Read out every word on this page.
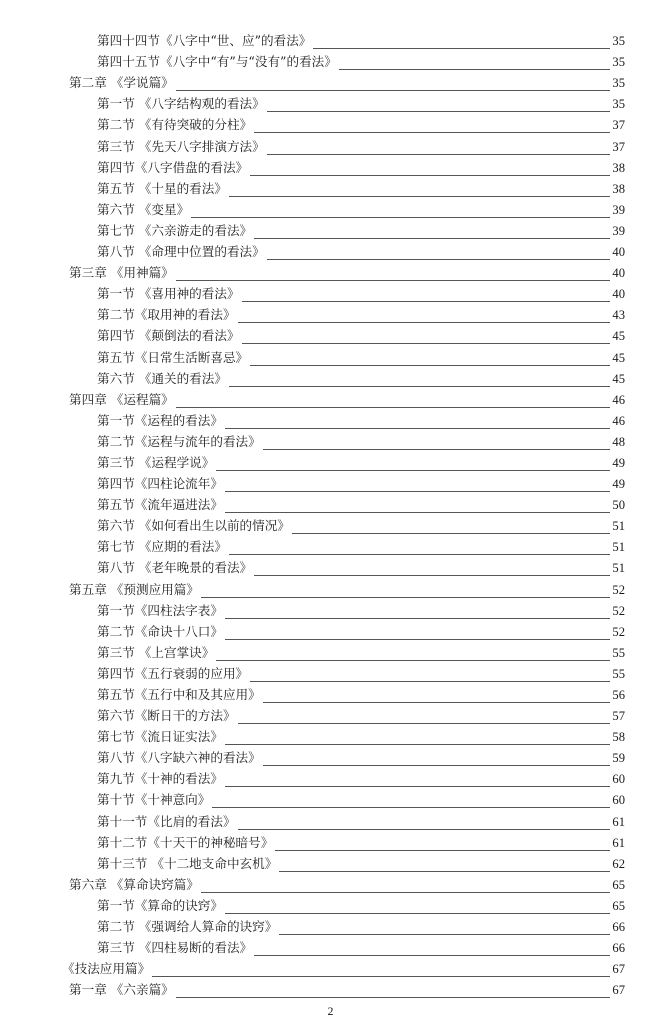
第四十四节《八字中“世、应”的看法》	35
第四十五节《八字中“有”与“没有”的看法》	35
第二章 《学说篇》	35
第一节 《八字结构观的看法》	35
第二节 《有待突破的分柱》	37
第三节 《先天八字排演方法》	37
第四节《八字借盘的看法》	38
第五节 《十星的看法》	38
第六节 《变星》	39
第七节 《六亲游走的看法》	39
第八节 《命理中位置的看法》	40
第三章 《用神篇》	40
第一节 《喜用神的看法》	40
第二节《取用神的看法》	43
第四节 《颠倒法的看法》	45
第五节《日常生活断喜忌》	45
第六节 《通关的看法》	45
第四章 《运程篇》	46
第一节《运程的看法》	46
第二节《运程与流年的看法》	48
第三节 《运程学说》	49
第四节《四柱论流年》	49
第五节《流年逼进法》	50
第六节 《如何看出生以前的情况》	51
第七节 《应期的看法》	51
第八节 《老年晚景的看法》	51
第五章 《预测应用篇》	52
第一节《四柱法字表》	52
第二节《命诀十八口》	52
第三节 《上宫掌诀》	55
第四节《五行衰弱的应用》	55
第五节《五行中和及其应用》	56
第六节《断日干的方法》	57
第七节《流日证实法》	58
第八节《八字缺六神的看法》	59
第九节《十神的看法》	60
第十节《十神意向》	60
第十一节《比肩的看法》	61
第十二节《十天干的神秘暗号》	61
第十三节 《十二地支命中玄机》	62
第六章 《算命诀窍篇》	65
第一节《算命的诀窍》	65
第二节 《强调给人算命的诀窍》	66
第三节 《四柱易断的看法》	66
《技法应用篇》	67
第一章 《六亲篇》	67
2
